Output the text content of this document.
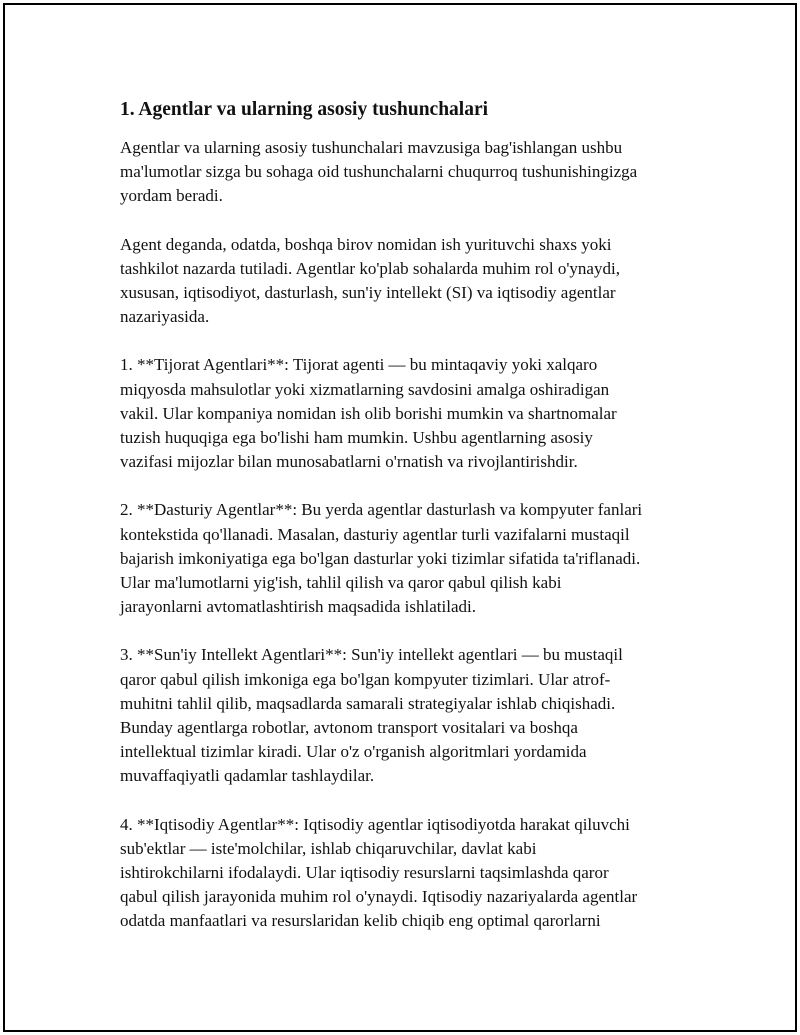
1. Agentlar va ularning asosiy tushunchalari

Agentlar va ularning asosiy tushunchalari mavzusiga bag'ishlangan ushbu
ma'lumotlar sizga bu sohaga oid tushunchalarni chuqurroq tushunishingizga
yordam beradi.

Agent deganda, odatda, boshqa birov nomidan ish yurituvchi shaxs yoki
tashkilot nazarda tutiladi. Agentlar ko'plab sohalarda muhim rol o'ynaydi,
xususan, iqtisodiyot, dasturlash, sun'iy intellekt (SI) va iqtisodiy agentlar
nazariyasida.

1. **Tijorat Agentlari**: Tijorat agenti — bu mintaqaviy yoki xalqaro
miqyosda mahsulotlar yoki xizmatlarning savdosini amalga oshiradigan
vakil. Ular kompaniya nomidan ish olib borishi mumkin va shartnomalar
tuzish huquqiga ega bo'lishi ham mumkin. Ushbu agentlarning asosiy
vazifasi mijozlar bilan munosabatlarni o'rnatish va rivojlantirishdir.

2. **Dasturiy Agentlar**: Bu yerda agentlar dasturlash va kompyuter fanlari
kontekstida qo'llanadi. Masalan, dasturiy agentlar turli vazifalarni mustaqil
bajarish imkoniyatiga ega bo'lgan dasturlar yoki tizimlar sifatida ta'riflanadi.
Ular ma'lumotlarni yig'ish, tahlil qilish va qaror qabul qilish kabi
jarayonlarni avtomatlashtirish maqsadida ishlatiladi.

3. **Sun'iy Intellekt Agentlari**: Sun'iy intellekt agentlari — bu mustaqil
qaror qabul qilish imkoniga ega bo'lgan kompyuter tizimlari. Ular atrof-
muhitni tahlil qilib, maqsadlarda samarali strategiyalar ishlab chiqishadi.
Bunday agentlarga robotlar, avtonom transport vositalari va boshqa
intellektual tizimlar kiradi. Ular o'z o'rganish algoritmlari yordamida
muvaffaqiyatli qadamlar tashlaydilar.

4. **Iqtisodiy Agentlar**: Iqtisodiy agentlar iqtisodiyotda harakat qiluvchi
sub'ektlar — iste'molchilar, ishlab chiqaruvchilar, davlat kabi
ishtirokchilarni ifodalaydi. Ular iqtisodiy resurslarni taqsimlashda qaror
qabul qilish jarayonida muhim rol o'ynaydi. Iqtisodiy nazariyalarda agentlar
odatda manfaatlari va resurslaridan kelib chiqib eng optimal qarorlarni
